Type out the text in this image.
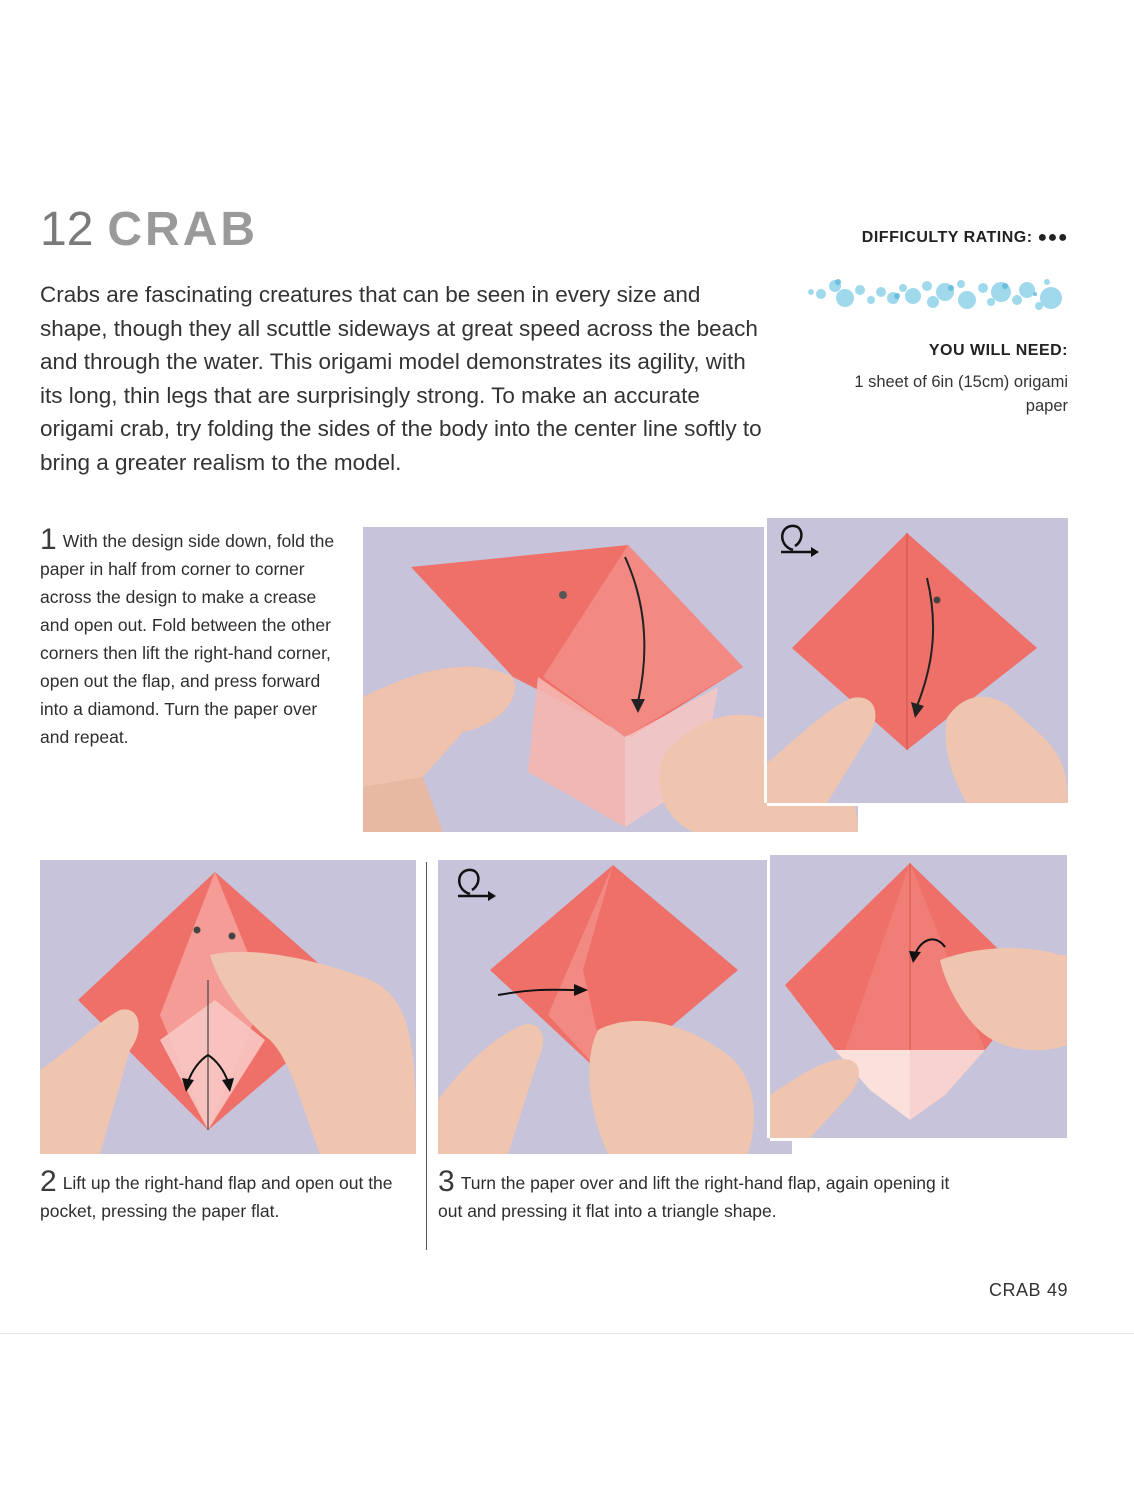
12 CRAB
Crabs are fascinating creatures that can be seen in every size and shape, though they all scuttle sideways at great speed across the beach and through the water. This origami model demonstrates its agility, with its long, thin legs that are surprisingly strong. To make an accurate origami crab, try folding the sides of the body into the center line softly to bring a greater realism to the model.
DIFFICULTY RATING: ●●●
YOU WILL NEED:
1 sheet of 6in (15cm) origami paper
1 With the design side down, fold the paper in half from corner to corner across the design to make a crease and open out. Fold between the other corners then lift the right-hand corner, open out the flap, and press forward into a diamond. Turn the paper over and repeat.
2 Lift up the right-hand flap and open out the pocket, pressing the paper flat.
3 Turn the paper over and lift the right-hand flap, again opening it out and pressing it flat into a triangle shape.
CRAB 49
